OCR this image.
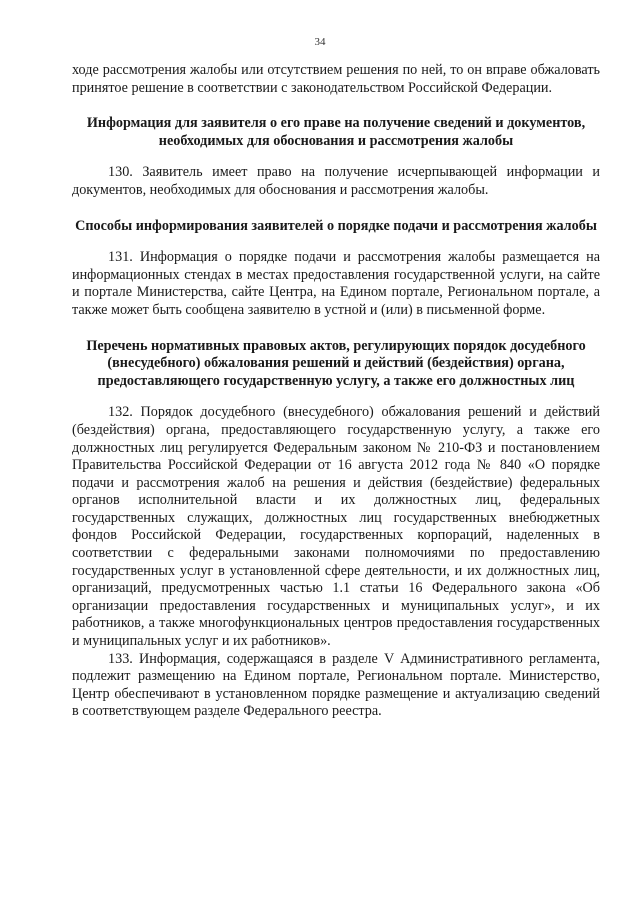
34

ходе рассмотрения жалобы или отсутствием решения по ней, то он вправе обжаловать принятое решение в соответствии с законодательством Российской Федерации.

Информация для заявителя о его праве на получение сведений и документов, необходимых для обоснования и рассмотрения жалобы

130. Заявитель имеет право на получение исчерпывающей информации и документов, необходимых для обоснования и рассмотрения жалобы.

Способы информирования заявителей о порядке подачи и рассмотрения жалобы

131. Информация о порядке подачи и рассмотрения жалобы размещается на информационных стендах в местах предоставления государственной услуги, на сайте и портале Министерства, сайте Центра, на Едином портале, Региональном портале, а также может быть сообщена заявителю в устной и (или) в письменной форме.

Перечень нормативных правовых актов, регулирующих порядок досудебного (внесудебного) обжалования решений и действий (бездействия) органа, предоставляющего государственную услугу, а также его должностных лиц

132. Порядок досудебного (внесудебного) обжалования решений и действий (бездействия) органа, предоставляющего государственную услугу, а также его должностных лиц регулируется Федеральным законом № 210-ФЗ и постановлением Правительства Российской Федерации от 16 августа 2012 года № 840 «О порядке подачи и рассмотрения жалоб на решения и действия (бездействие) федеральных органов исполнительной власти и их должностных лиц, федеральных государственных служащих, должностных лиц государственных внебюджетных фондов Российской Федерации, государственных корпораций, наделенных в соответствии с федеральными законами полномочиями по предоставлению государственных услуг в установленной сфере деятельности, и их должностных лиц, организаций, предусмотренных частью 1.1 статьи 16 Федерального закона «Об организации предоставления государственных и муниципальных услуг», и их работников, а также многофункциональных центров предоставления государственных и муниципальных услуг и их работников».

133. Информация, содержащаяся в разделе V Административного регламента, подлежит размещению на Едином портале, Региональном портале. Министерство, Центр обеспечивают в установленном порядке размещение и актуализацию сведений в соответствующем разделе Федерального реестра.
